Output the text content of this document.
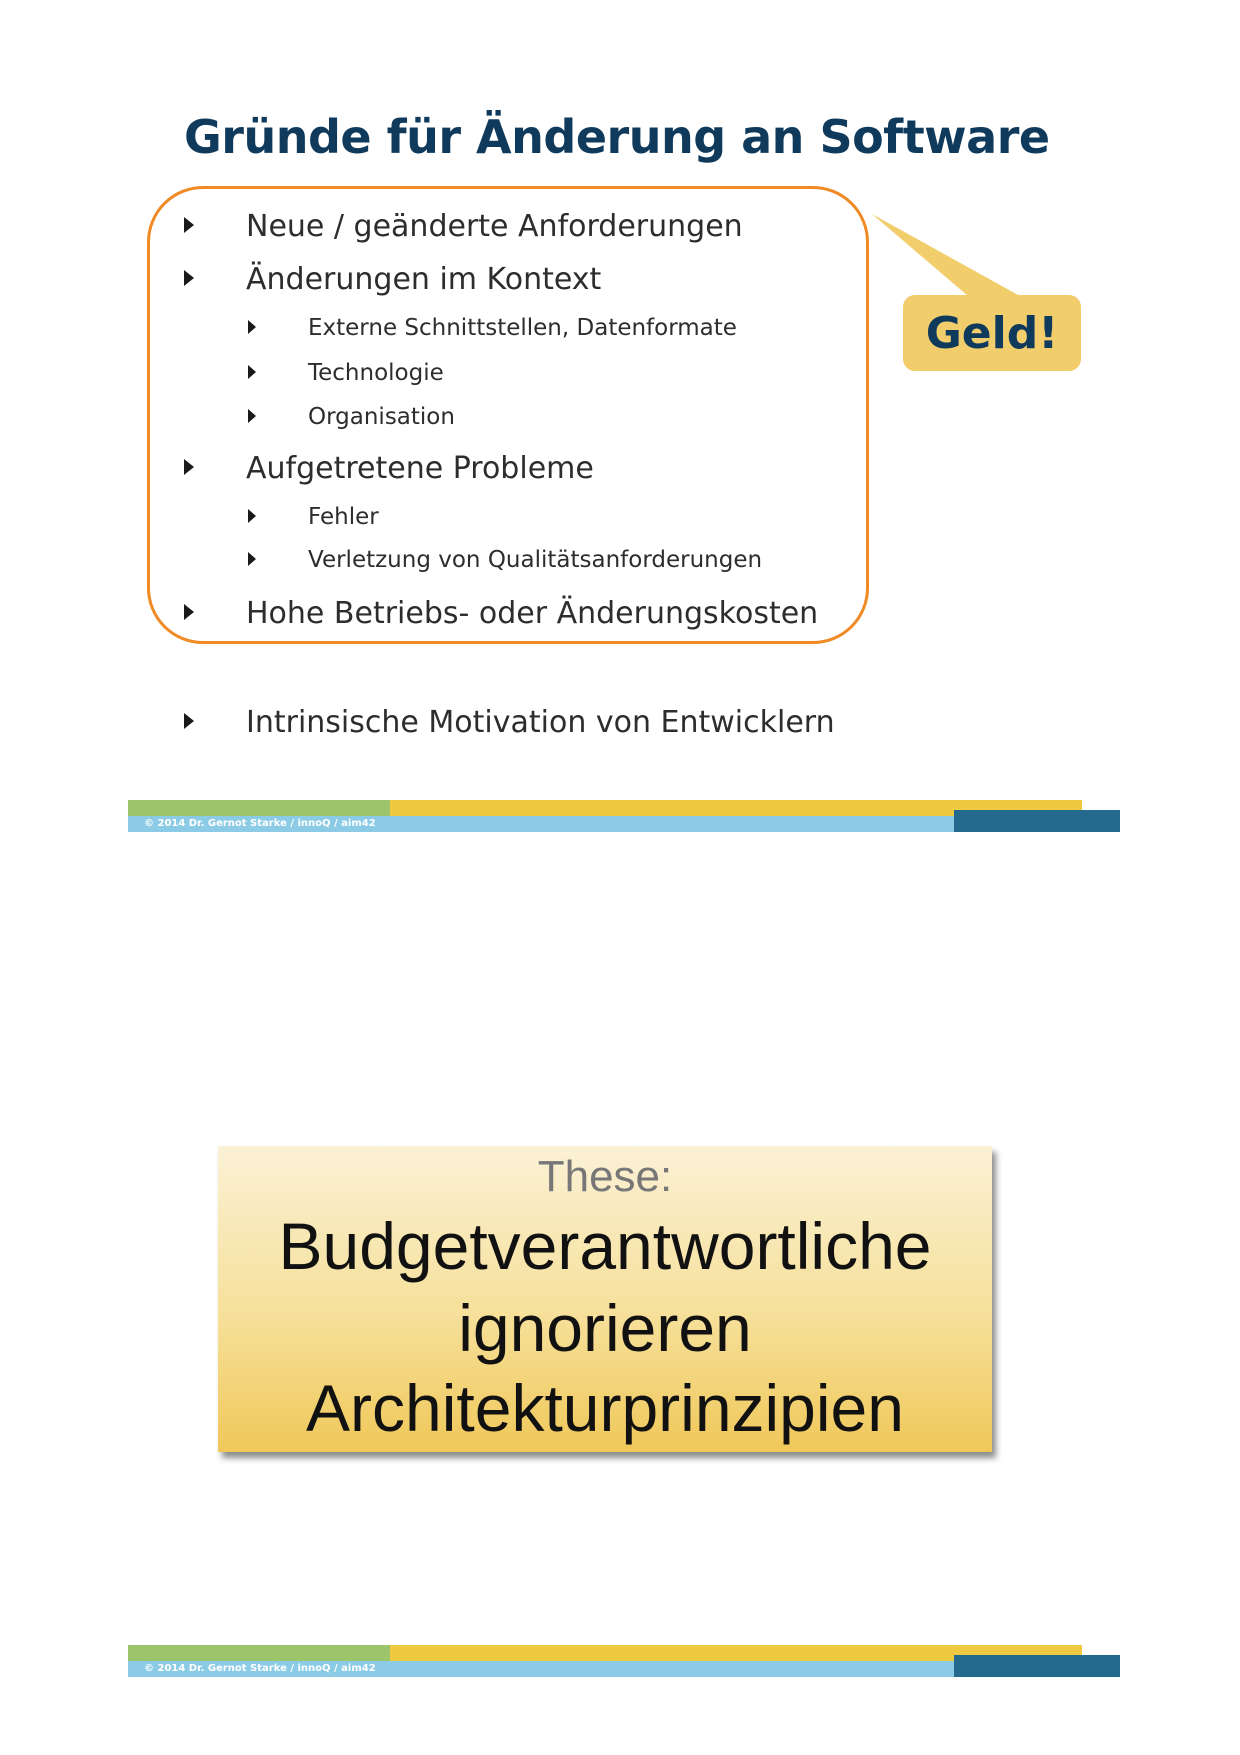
Gründe für Änderung an Software
Geld!
Neue / geänderte Anforderungen
Änderungen im Kontext
Externe Schnittstellen, Datenformate
Technologie
Organisation
Aufgetretene Probleme
Fehler
Verletzung von Qualitätsanforderungen
Hohe Betriebs- oder Änderungskosten
Intrinsische Motivation von Entwicklern
© 2014 Dr. Gernot Starke / innoQ / aim42
These:
Budgetverantwortliche
ignorieren
Architekturprinzipien
© 2014 Dr. Gernot Starke / innoQ / aim42
